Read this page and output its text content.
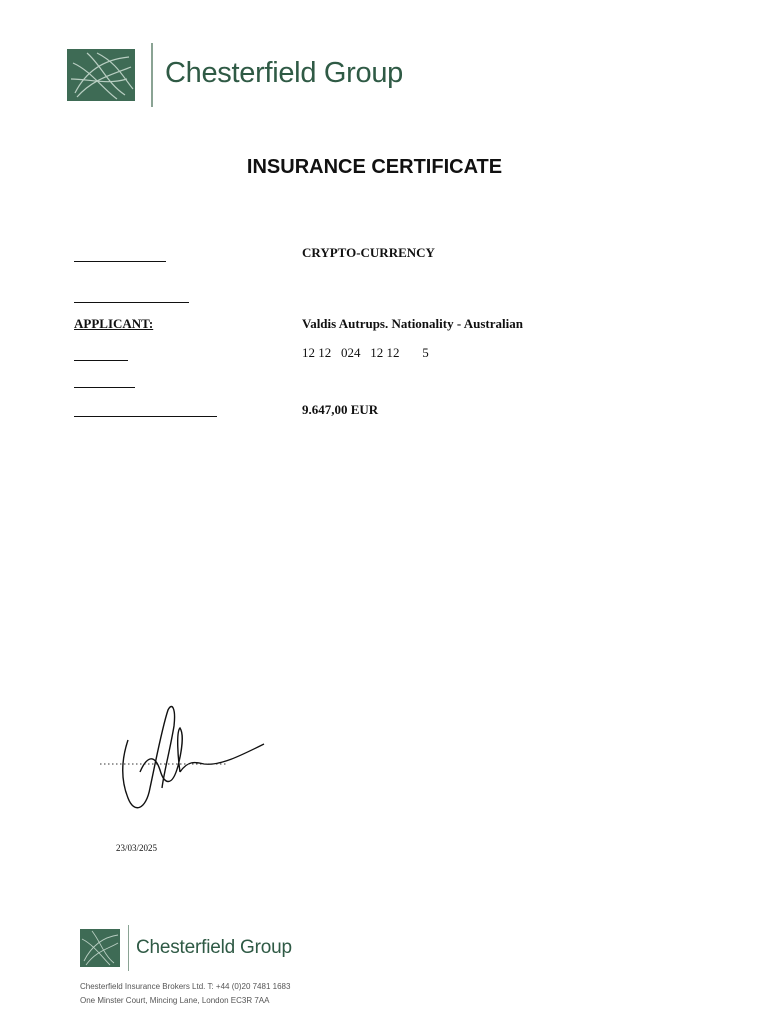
Chesterfield Group
INSURANCE CERTIFICATE
CRYPTO-CURRENCY
APPLICANT:	Valdis Autrups. Nationality - Australian
12 12   024   12 12       5
9.647,00 EUR
23/03/2025
Chesterfield Group
Chesterfield Insurance Brokers Ltd. T: +44 (0)20 7481 1683
One Minster Court, Mincing Lane, London EC3R 7AA
